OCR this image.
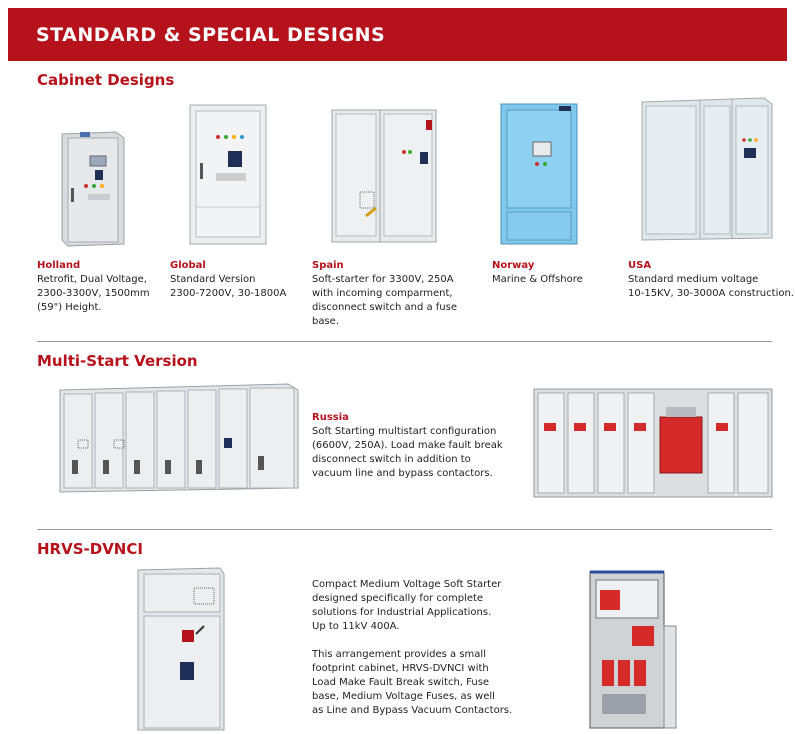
STANDARD & SPECIAL DESIGNS
Cabinet Designs
Holland
Retrofit, Dual Voltage,
2300-3300V, 1500mm
(59") Height.
Global
Standard Version
2300-7200V, 30-1800A
Spain
Soft-starter for 3300V, 250A
with incoming comparment,
disconnect switch and a fuse
base.
Norway
Marine & Offshore
USA
Standard medium voltage
10-15KV, 30-3000A construction.
Multi-Start Version
Russia
Soft Starting multistart configuration
(6600V, 250A). Load make fault break
disconnect switch in addition to
vacuum line and bypass contactors.
HRVS-DVNCI
Compact Medium Voltage Soft Starter
designed specifically for complete
solutions for Industrial Applications.
Up to 11kV 400A.
This arrangement provides a small
footprint cabinet, HRVS-DVNCI with
Load Make Fault Break switch, Fuse
base, Medium Voltage Fuses, as well
as Line and Bypass Vacuum Contactors.
